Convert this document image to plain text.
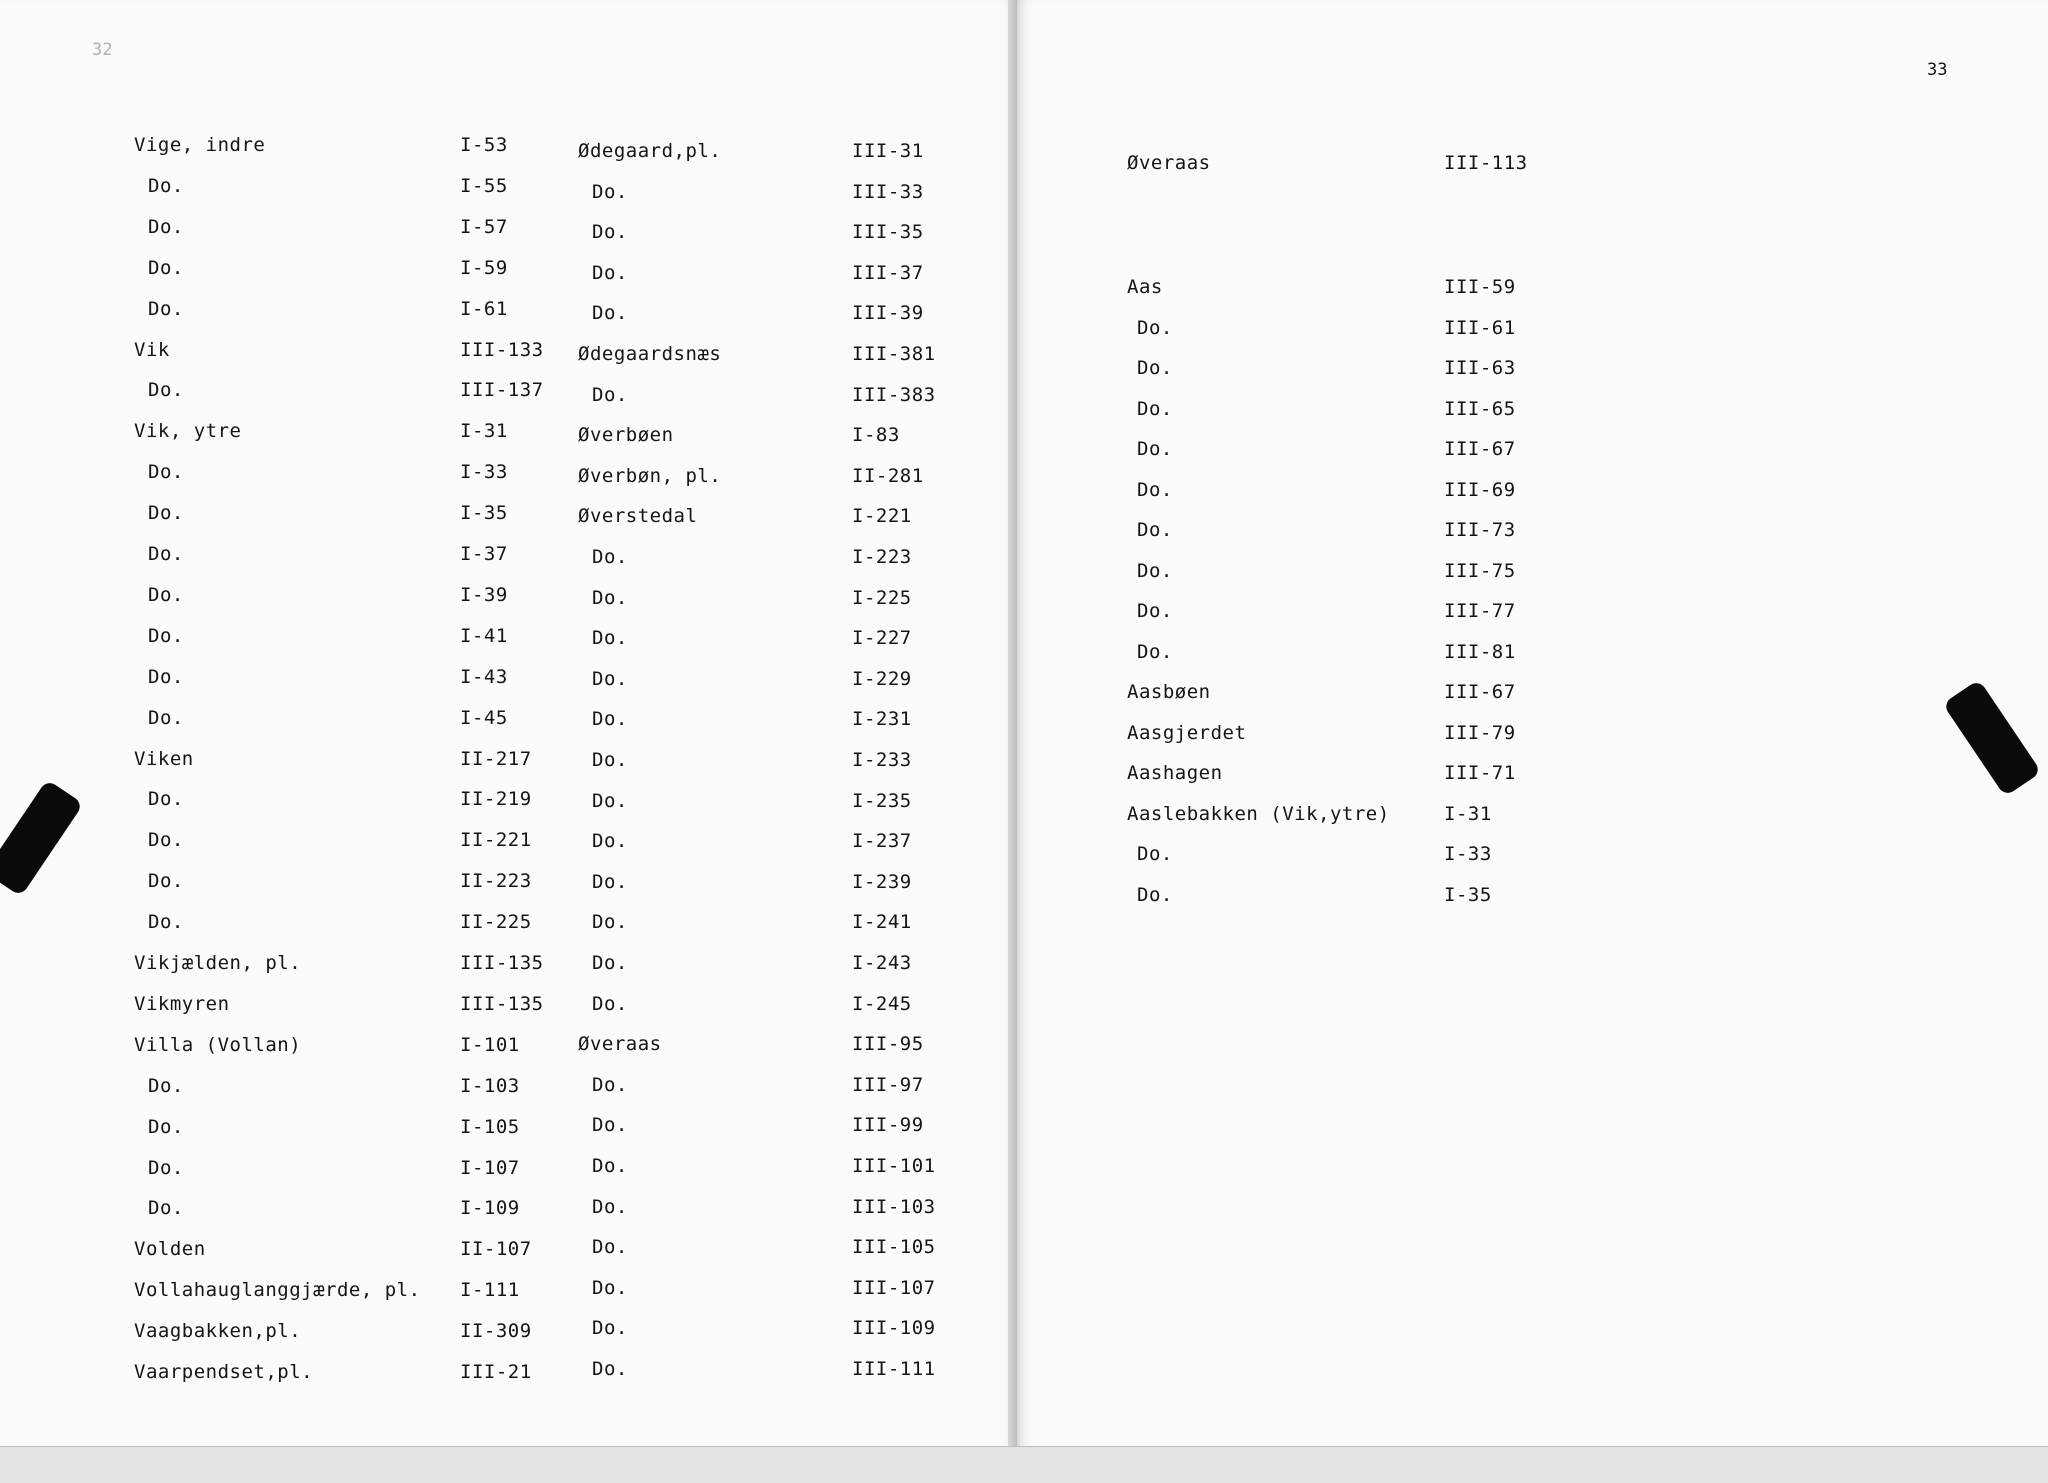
32
Vige, indre	I-53
Do.	I-55
Do.	I-57
Do.	I-59
Do.	I-61
Vik	III-133
Do.	III-137
Vik, ytre	I-31
Do.	I-33
Do.	I-35
Do.	I-37
Do.	I-39
Do.	I-41
Do.	I-43
Do.	I-45
Viken	II-217
Do.	II-219
Do.	II-221
Do.	II-223
Do.	II-225
Vikjælden, pl.	III-135
Vikmyren	III-135
Villa (Vollan)	I-101
Do.	I-103
Do.	I-105
Do.	I-107
Do.	I-109
Volden	II-107
Vollahauglanggjærde, pl. I-111
Vaagbakken,pl.	II-309
Vaarpendset,pl.	III-21
Ødegaard,pl.	III-31
Do.	III-33
Do.	III-35
Do.	III-37
Do.	III-39
Ødegaardsnæs	III-381
Do.	III-383
Øverbøen	I-83
Øverbøn, pl.	II-281
Øverstedal	I-221
Do.	I-223
Do.	I-225
Do.	I-227
Do.	I-229
Do.	I-231
Do.	I-233
Do.	I-235
Do.	I-237
Do.	I-239
Do.	I-241
Do.	I-243
Do.	I-245
Øveraas	III-95
Do.	III-97
Do.	III-99
Do.	III-101
Do.	III-103
Do.	III-105
Do.	III-107
Do.	III-109
Do.	III-111
33
Øveraas	III-113
Aas	III-59
Do.	III-61
Do.	III-63
Do.	III-65
Do.	III-67
Do.	III-69
Do.	III-73
Do.	III-75
Do.	III-77
Do.	III-81
Aasbøen	III-67
Aasgjerdet	III-79
Aashagen	III-71
Aaslebakken (Vik,ytre)	I-31
Do.	I-33
Do.	I-35
